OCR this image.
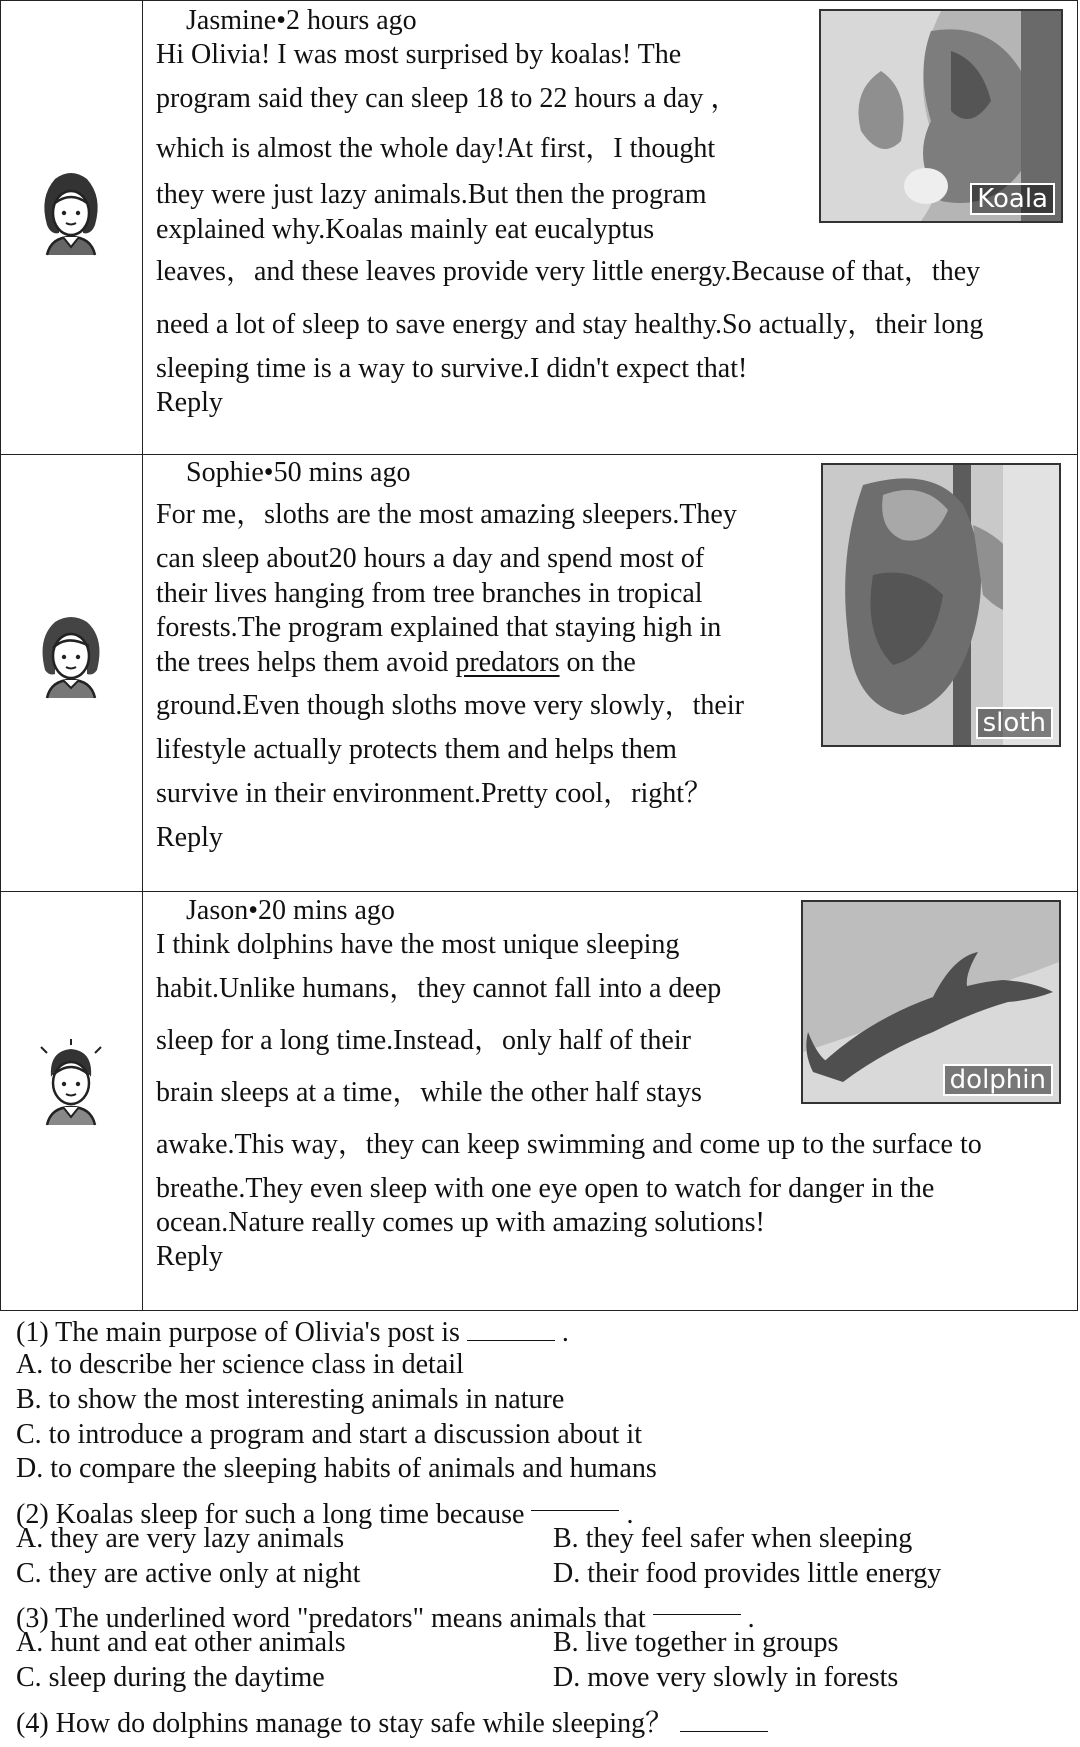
Jasmine•2 hours ago
Hi Olivia! I was most surprised by koalas! The
program said they can sleep 18 to 22 hours a day ，
which is almost the whole day!At first，I thought
they were just lazy animals.But then the program
explained why.Koalas mainly eat eucalyptus
leaves，and these leaves provide very little energy.Because of that，they
need a lot of sleep to save energy and stay healthy.So actually，their long
sleeping time is a way to survive.I didn't expect that!
Reply
Koala
Sophie•50 mins ago
For me，sloths are the most amazing sleepers.They
can sleep about20 hours a day and spend most of
their lives hanging from tree branches in tropical
forests.The program explained that staying high in
the trees helps them avoid predators on the
ground.Even though sloths move very slowly，their
lifestyle actually protects them and helps them
survive in their environment.Pretty cool，right？
Reply
sloth
Jason•20 mins ago
I think dolphins have the most unique sleeping
habit.Unlike humans，they cannot fall into a deep
sleep for a long time.Instead，only half of their
brain sleeps at a time，while the other half stays
awake.This way，they can keep swimming and come up to the surface to
breathe.They even sleep with one eye open to watch for danger in the
ocean.Nature really comes up with amazing solutions!
Reply
dolphin
(1) The main purpose of Olivia's post is	.
A. to describe her science class in detail
B. to show the most interesting animals in nature
C. to introduce a program and start a discussion about it
D. to compare the sleeping habits of animals and humans
(2) Koalas sleep for such a long time because	.
A. they are very lazy animals	B. they feel safer when sleeping
C. they are active only at night	D. their food provides little energy
(3) The underlined word "predators" means animals that	.
A. hunt and eat other animals	B. live together in groups
C. sleep during the daytime	D. move very slowly in forests
(4) How do dolphins manage to stay safe while sleeping？
